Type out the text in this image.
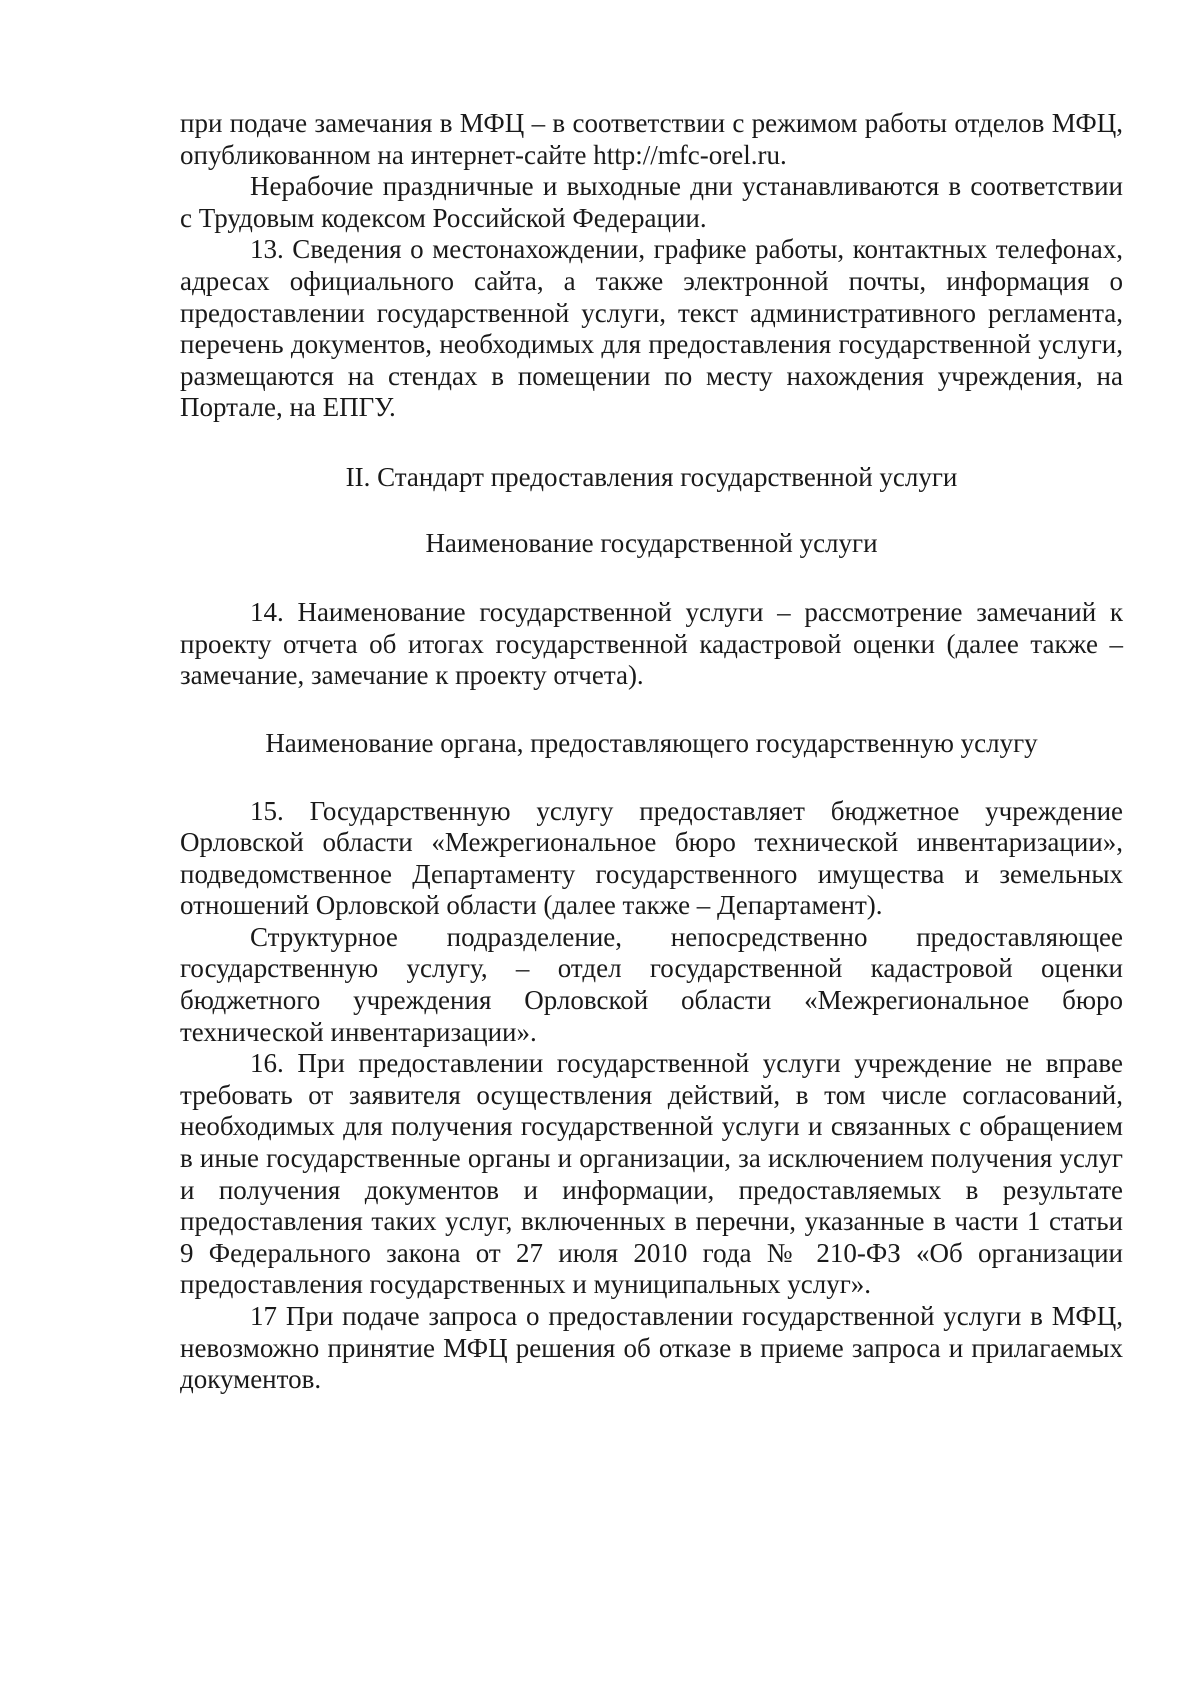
при подаче замечания в МФЦ – в соответствии с режимом работы отделов МФЦ, опубликованном на интернет-сайте http://mfc-orel.ru.

Нерабочие праздничные и выходные дни устанавливаются в соответствии с Трудовым кодексом Российской Федерации.

13. Сведения о местонахождении, графике работы, контактных телефонах, адресах официального сайта, а также электронной почты, информация о предоставлении государственной услуги, текст административного регламента, перечень документов, необходимых для предоставления государственной услуги, размещаются на стендах в помещении по месту нахождения учреждения, на Портале, на ЕПГУ.

II. Стандарт предоставления государственной услуги

Наименование государственной услуги

14. Наименование государственной услуги – рассмотрение замечаний к проекту отчета об итогах государственной кадастровой оценки (далее также – замечание, замечание к проекту отчета).

Наименование органа, предоставляющего государственную услугу

15. Государственную услугу предоставляет бюджетное учреждение Орловской области «Межрегиональное бюро технической инвентаризации», подведомственное Департаменту государственного имущества и земельных отношений Орловской области (далее также – Департамент).

Структурное подразделение, непосредственно предоставляющее государственную услугу, – отдел государственной кадастровой оценки бюджетного учреждения Орловской области «Межрегиональное бюро технической инвентаризации».

16. При предоставлении государственной услуги учреждение не вправе требовать от заявителя осуществления действий, в том числе согласований, необходимых для получения государственной услуги и связанных с обращением в иные государственные органы и организации, за исключением получения услуг и получения документов и информации, предоставляемых в результате предоставления таких услуг, включенных в перечни, указанные в части 1 статьи 9 Федерального закона от 27 июля 2010 года № 210-ФЗ «Об организации предоставления государственных и муниципальных услуг».

17 При подаче запроса о предоставлении государственной услуги в МФЦ, невозможно принятие МФЦ решения об отказе в приеме запроса и прилагаемых документов.
